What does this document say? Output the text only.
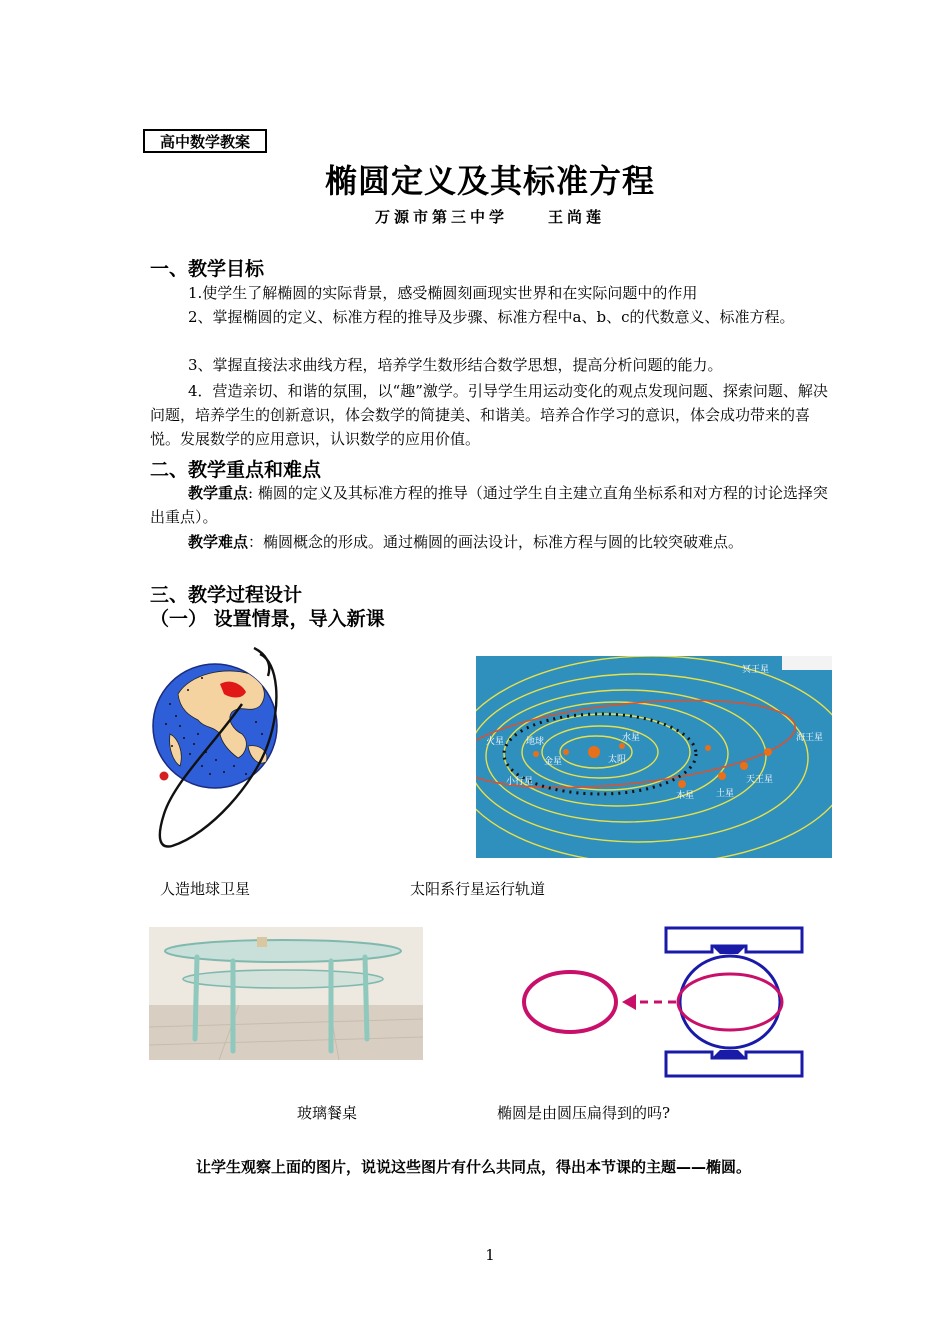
高中数学教案
椭圆定义及其标准方程
万源市第三中学	王尚莲
一、教学目标
1.使学生了解椭圆的实际背景，感受椭圆刻画现实世界和在实际问题中的作用
2、掌握椭圆的定义、标准方程的推导及步骤、标准方程中a、b、c的代数意义、标准方程。
3、掌握直接法求曲线方程，培养学生数形结合数学思想，提高分析问题的能力。
4．营造亲切、和谐的氛围，以“趣”激学。引导学生用运动变化的观点发现问题、探索问题、解决问题，培养学生的创新意识，体会数学的简捷美、和谐美。培养合作学习的意识，体会成功带来的喜悦。发展数学的应用意识，认识数学的应用价值。
二、教学重点和难点
教学重点: 椭圆的定义及其标准方程的推导（通过学生自主建立直角坐标系和对方程的讨论选择突出重点）。
教学难点：椭圆概念的形成。通过椭圆的画法设计，标准方程与圆的比较突破难点。
三、教学过程设计
（一） 设置情景，导入新课
冥王星
海王星
天王星
土星
木星
火星 地球
金星
水星
太阳
小行星
人造地球卫星	太阳系行星运行轨道
玻璃餐桌	椭圆是由圆压扁得到的吗?
让学生观察上面的图片，说说这些图片有什么共同点，得出本节课的主题——椭圆。
1
